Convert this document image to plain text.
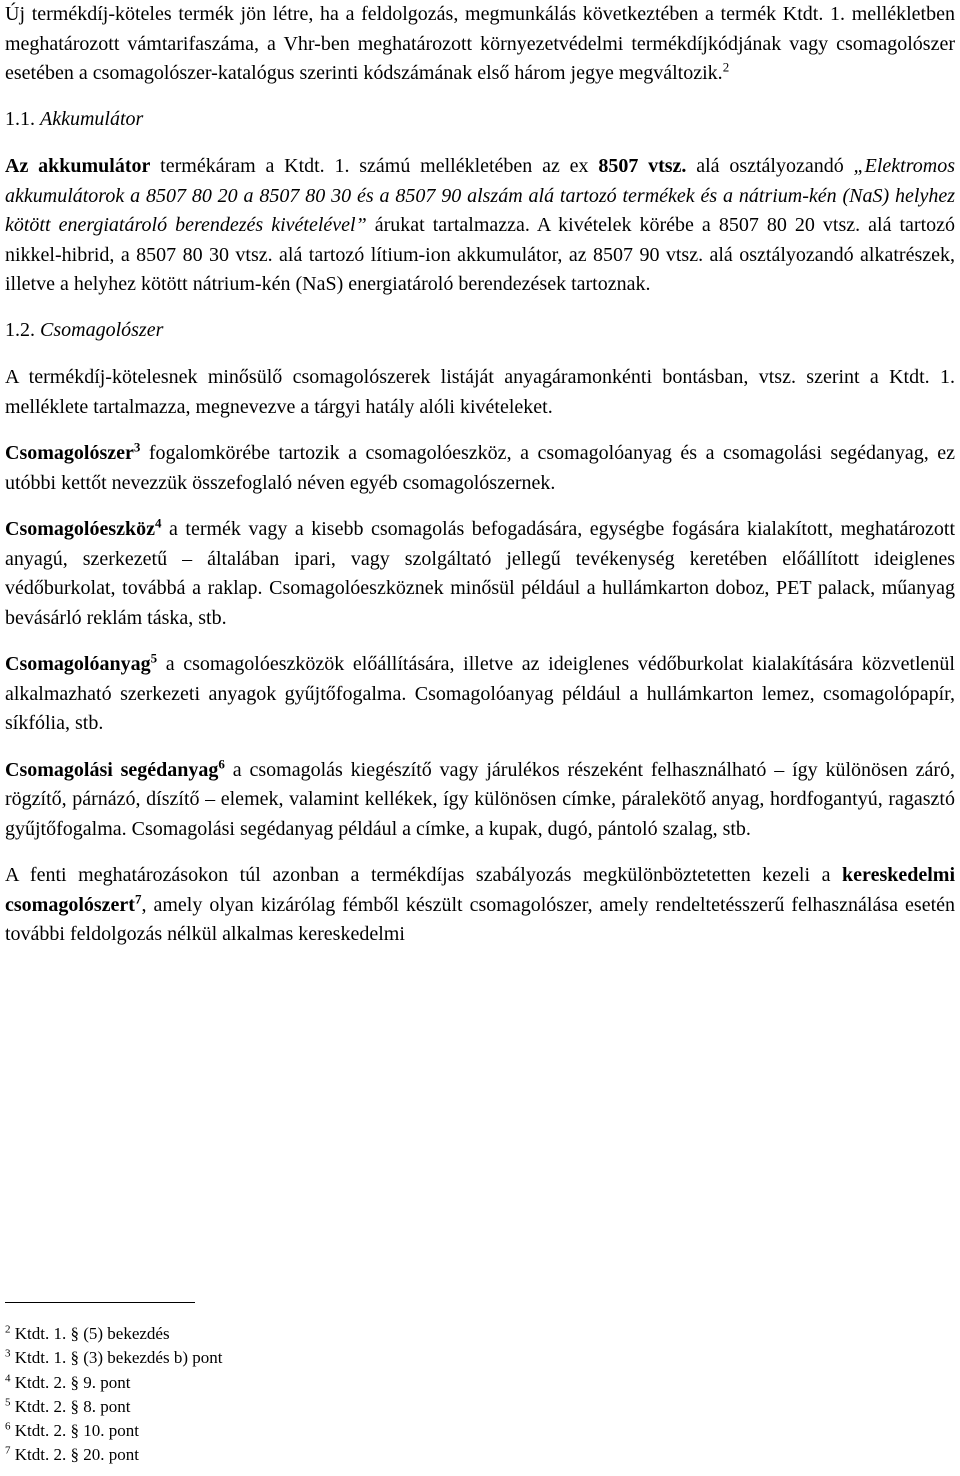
Új termékdíj-köteles termék jön létre, ha a feldolgozás, megmunkálás következtében a termék Ktdt. 1. mellékletben meghatározott vámtarifaszáma, a Vhr-ben meghatározott környezetvédelmi termékdíjkódjának vagy csomagolószer esetében a csomagolószer-katalógus szerinti kódszámának első három jegye megváltozik.$^2$

1.1. Akkumulátor

Az akkumulátor termékáram a Ktdt. 1. számú mellékletében az ex 8507 vtsz. alá osztályozandó „Elektromos akkumulátorok a 8507 80 20 a 8507 80 30 és a 8507 90 alszám alá tartozó termékek és a nátrium-kén (NaS) helyhez kötött energiatároló berendezés kivételével” árukat tartalmazza. A kivételek körébe a 8507 80 20 vtsz. alá tartozó nikkel-hibrid, a 8507 80 30 vtsz. alá tartozó lítium-ion akkumulátor, az 8507 90 vtsz. alá osztályozandó alkatrészek, illetve a helyhez kötött nátrium-kén (NaS) energiatároló berendezések tartoznak.

1.2. Csomagolószer

A termékdíj-kötelesnek minősülő csomagolószerek listáját anyagáramonkénti bontásban, vtsz. szerint a Ktdt. 1. melléklete tartalmazza, megnevezve a tárgyi hatály alóli kivételeket.

Csomagolószer$^3$ fogalomkörébe tartozik a csomagolóeszköz, a csomagolóanyag és a csomagolási segédanyag, ez utóbbi kettőt nevezzük összefoglaló néven egyéb csomagolószernek.

Csomagolóeszköz$^4$ a termék vagy a kisebb csomagolás befogadására, egységbe fogására kialakított, meghatározott anyagú, szerkezetű – általában ipari, vagy szolgáltató jellegű tevékenység keretében előállított ideiglenes védőburkolat, továbbá a raklap. Csomagolóeszköznek minősül például a hullámkarton doboz, PET palack, műanyag bevásárló reklám táska, stb.

Csomagolóanyag$^5$ a csomagolóeszközök előállítására, illetve az ideiglenes védőburkolat kialakítására közvetlenül alkalmazható szerkezeti anyagok gyűjtőfogalma. Csomagolóanyag például a hullámkarton lemez, csomagolópapír, síkfólia, stb.

Csomagolási segédanyag$^6$ a csomagolás kiegészítő vagy járulékos részeként felhasználható – így különösen záró, rögzítő, párnázó, díszítő – elemek, valamint kellékek, így különösen címke, páralekötő anyag, hordfogantyú, ragasztó gyűjtőfogalma. Csomagolási segédanyag például a címke, a kupak, dugó, pántoló szalag, stb.

A fenti meghatározásokon túl azonban a termékdíjas szabályozás megkülönböztetetten kezeli a kereskedelmi csomagolószert$^7$, amely olyan kizárólag fémből készült csomagolószer, amely rendeltetésszerű felhasználása esetén további feldolgozás nélkül alkalmas kereskedelmi

$^2$ Ktdt. 1. § (5) bekezdés

$^3$ Ktdt. 1. § (3) bekezdés b) pont

$^4$ Ktdt. 2. § 9. pont

$^5$ Ktdt. 2. § 8. pont

$^6$ Ktdt. 2. § 10. pont

$^7$ Ktdt. 2. § 20. pont
